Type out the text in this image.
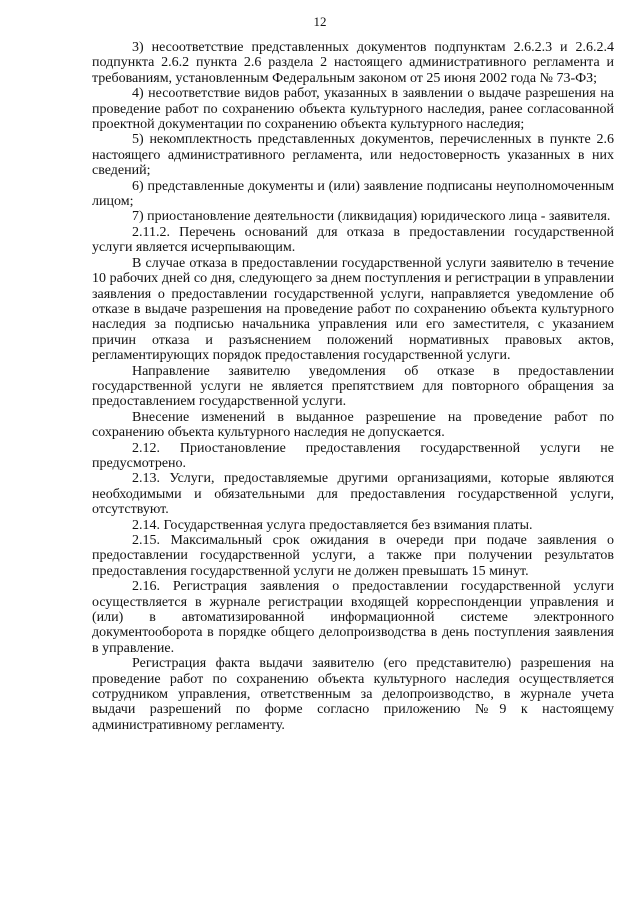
12

3) несоответствие представленных документов подпунктам 2.6.2.3 и 2.6.2.4 подпункта 2.6.2 пункта 2.6 раздела 2 настоящего административного регламента и требованиям, установленным Федеральным законом от 25 июня 2002 года № 73-ФЗ;

4) несоответствие видов работ, указанных в заявлении о выдаче разрешения на проведение работ по сохранению объекта культурного наследия, ранее согласованной проектной документации по сохранению объекта культурного наследия;

5) некомплектность представленных документов, перечисленных в пункте 2.6 настоящего административного регламента, или недостоверность указанных в них сведений;

6) представленные документы и (или) заявление подписаны неуполномоченным лицом;

7) приостановление деятельности (ликвидация) юридического лица - заявителя.

2.11.2. Перечень оснований для отказа в предоставлении государственной услуги является исчерпывающим.

В случае отказа в предоставлении государственной услуги заявителю в течение 10 рабочих дней со дня, следующего за днем поступления и регистрации в управлении заявления о предоставлении государственной услуги, направляется уведомление об отказе в выдаче разрешения на проведение работ по сохранению объекта культурного наследия за подписью начальника управления или его заместителя, с указанием причин отказа и разъяснением положений нормативных правовых актов, регламентирующих порядок предоставления государственной услуги.

Направление заявителю уведомления об отказе в предоставлении государственной услуги не является препятствием для повторного обращения за предоставлением государственной услуги.

Внесение изменений в выданное разрешение на проведение работ по сохранению объекта культурного наследия не допускается.

2.12. Приостановление предоставления государственной услуги не предусмотрено.

2.13. Услуги, предоставляемые другими организациями, которые являются необходимыми и обязательными для предоставления государственной услуги, отсутствуют.

2.14. Государственная услуга предоставляется без взимания платы.

2.15. Максимальный срок ожидания в очереди при подаче заявления о предоставлении государственной услуги, а также при получении результатов предоставления государственной услуги не должен превышать 15 минут.

2.16. Регистрация заявления о предоставлении государственной услуги осуществляется в журнале регистрации входящей корреспонденции управления и (или) в автоматизированной информационной системе электронного документооборота в порядке общего делопроизводства в день поступления заявления в управление.

Регистрация факта выдачи заявителю (его представителю) разрешения на проведение работ по сохранению объекта культурного наследия осуществляется сотрудником управления, ответственным за делопроизводство, в журнале учета выдачи разрешений по форме согласно приложению №9 к настоящему административному регламенту.
